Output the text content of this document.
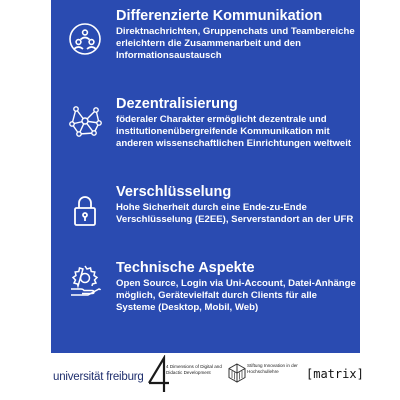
Differenzierte Kommunikation
Direktnachrichten, Gruppenchats und Teambereiche erleichtern die Zusammenarbeit und den Informationsaustausch
Dezentralisierung
föderaler Charakter ermöglicht dezentrale und institutionenübergreifende Kommunikation mit anderen wissenschaftlichen Einrichtungen weltweit
Verschlüsselung
Hohe Sicherheit durch eine Ende-zu-Ende Verschlüsselung (E2EE), Serverstandort an der UFR
Technische Aspekte
Open Source, Login via Uni-Account, Datei-Anhänge möglich, Gerätevielfalt durch Clients für alle Systeme (Desktop, Mobil, Web)
universität freiburg
4 Dimensions of Digital and Didactic Development
Stiftung Innovation in der Hochschullehre	[matrix]
